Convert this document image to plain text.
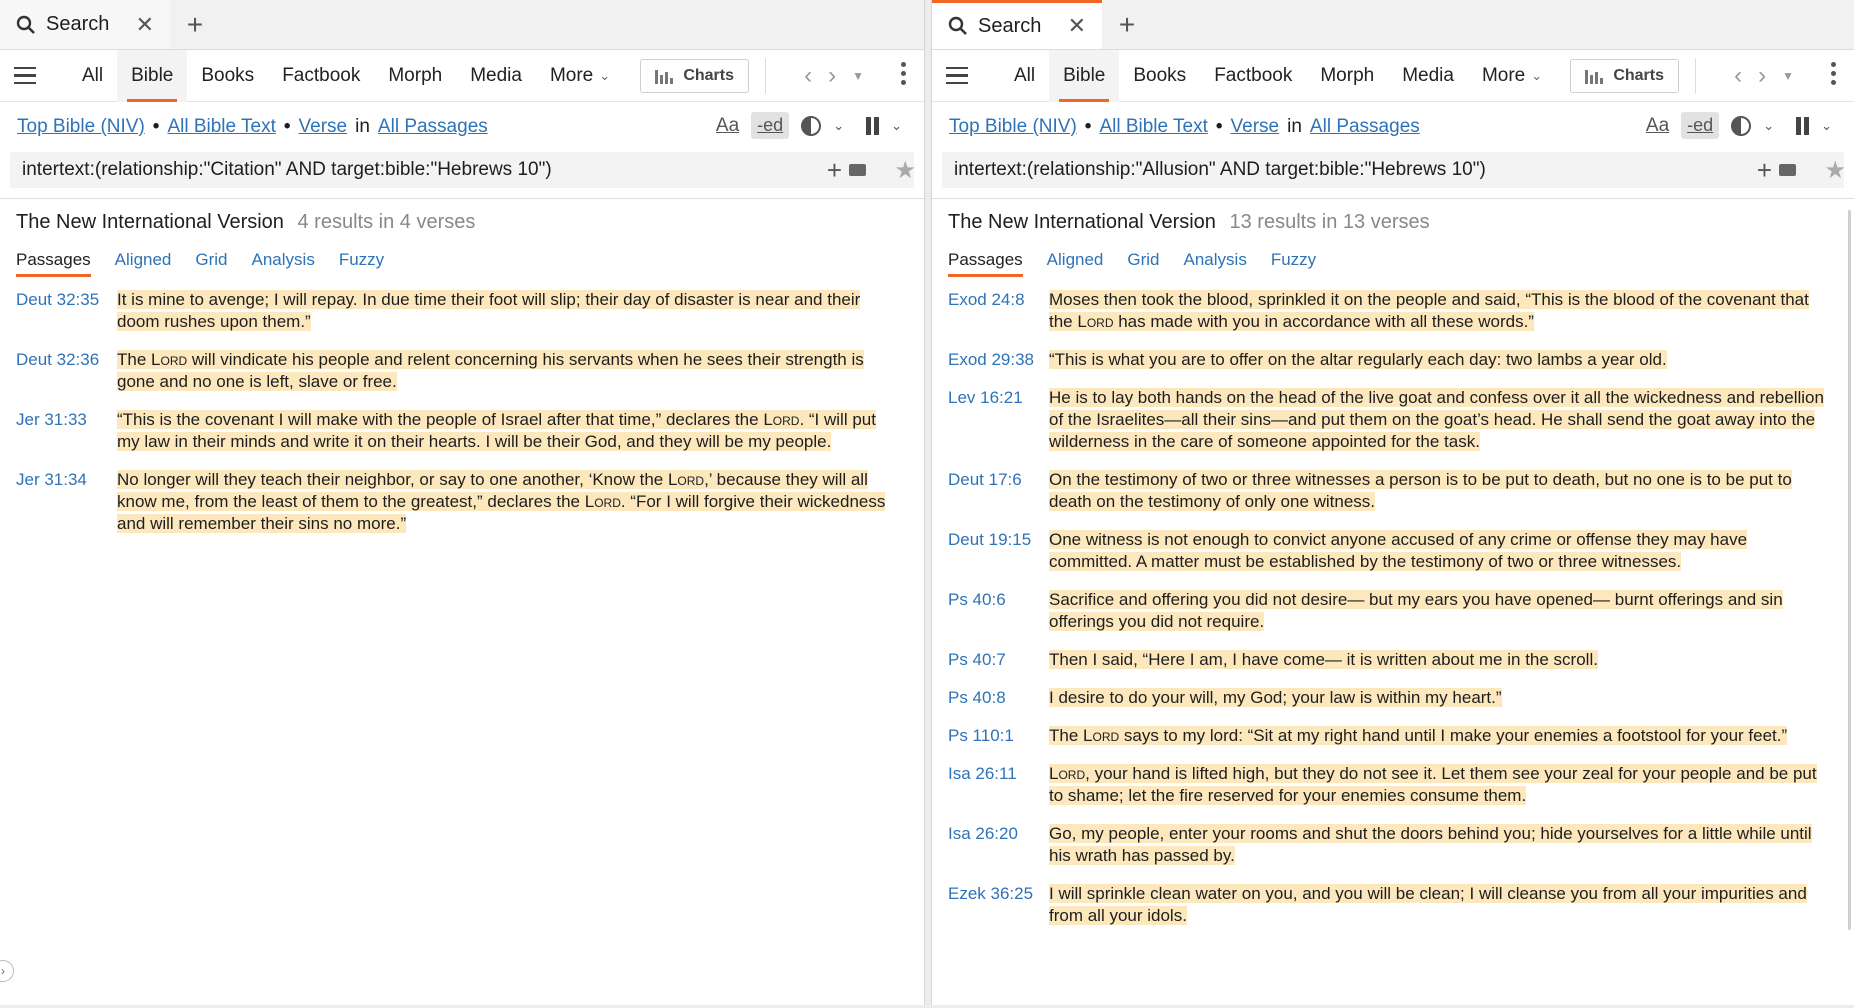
Search	✕	+
All	Bible	Books	Factbook	Morph	Media	More ⌄	Charts	‹ › ▼
Top Bible (NIV) • All Bible Text • Verse in All Passages	Aa	-ed	⌄	⌄
intertext:(relationship:"Citation" AND target:bible:"Hebrews 10")	+ ★
The New International Version 4 results in 4 verses
Passages Aligned Grid Analysis Fuzzy
Deut 32:35	It is mine to avenge; I will repay. In due time their foot will slip; their day of disaster is near and their doom rushes upon them.”
Deut 32:36	The Lord will vindicate his people and relent concerning his servants when he sees their strength is gone and no one is left, slave or free.
Jer 31:33	“This is the covenant I will make with the people of Israel after that time,” declares the Lord. “I will put my law in their minds and write it on their hearts. I will be their God, and they will be my people.
Jer 31:34	No longer will they teach their neighbor, or say to one another, ‘Know the Lord,’ because they will all know me, from the least of them to the greatest,” declares the Lord. “For I will forgive their wickedness and will remember their sins no more.”
›
Search	✕	+
All	Bible	Books	Factbook	Morph	Media	More ⌄	Charts	‹ › ▼
Top Bible (NIV) • All Bible Text • Verse in All Passages	Aa	-ed	⌄	⌄
intertext:(relationship:"Allusion" AND target:bible:"Hebrews 10")	+ ★
The New International Version 13 results in 13 verses
Passages Aligned Grid Analysis Fuzzy
Exod 24:8	Moses then took the blood, sprinkled it on the people and said, “This is the blood of the covenant that the Lord has made with you in accordance with all these words.”
Exod 29:38 “This is what you are to offer on the altar regularly each day: two lambs a year old.
Lev 16:21	He is to lay both hands on the head of the live goat and confess over it all the wickedness and rebellion of the Israelites—all their sins—and put them on the goat’s head. He shall send the goat away into the wilderness in the care of someone appointed for the task.
Deut 17:6	On the testimony of two or three witnesses a person is to be put to death, but no one is to be put to death on the testimony of only one witness.
Deut 19:15	One witness is not enough to convict anyone accused of any crime or offense they may have committed. A matter must be established by the testimony of two or three witnesses.
Ps 40:6	Sacrifice and offering you did not desire— but my ears you have opened— burnt offerings and sin offerings you did not require.
Ps 40:7	Then I said, “Here I am, I have come— it is written about me in the scroll.
Ps 40:8	I desire to do your will, my God; your law is within my heart.”
Ps 110:1	The Lord says to my lord: “Sit at my right hand until I make your enemies a footstool for your feet.”
Isa 26:11	Lord, your hand is lifted high, but they do not see it. Let them see your zeal for your people and be put to shame; let the fire reserved for your enemies consume them.
Isa 26:20	Go, my people, enter your rooms and shut the doors behind you; hide yourselves for a little while until his wrath has passed by.
Ezek 36:25 I will sprinkle clean water on you, and you will be clean; I will cleanse you from all your impurities and from all your idols.
